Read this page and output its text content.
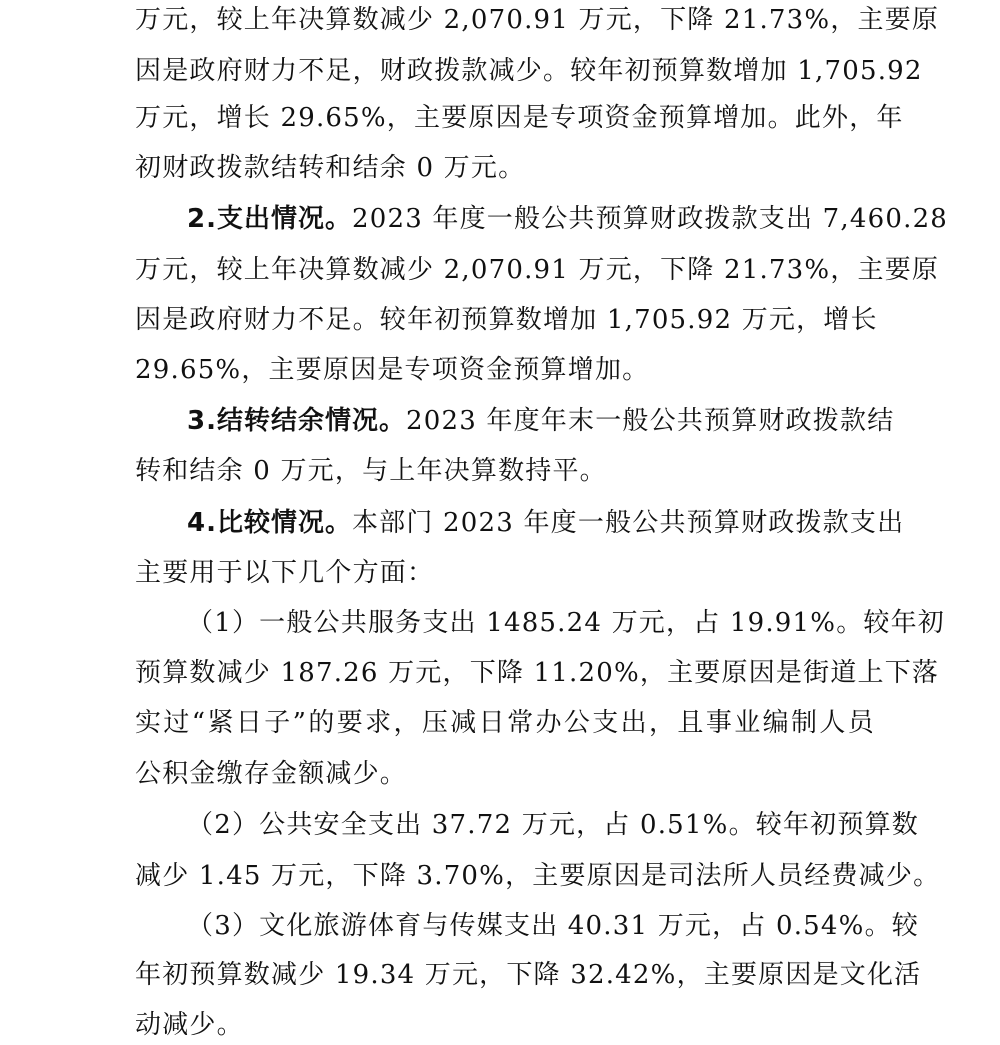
万元，较上年决算数减少 2,070.91 万元，下降 21.73%，主要原
因是政府财力不足，财政拨款减少。较年初预算数增加 1,705.92
万元，增长 29.65%，主要原因是专项资金预算增加。此外，年
初财政拨款结转和结余 0 万元。
2.支出情况。2023 年度一般公共预算财政拨款支出 7,460.28
万元，较上年决算数减少 2,070.91 万元，下降 21.73%，主要原
因是政府财力不足。较年初预算数增加 1,705.92 万元，增长
29.65%，主要原因是专项资金预算增加。
3.结转结余情况。2023 年度年末一般公共预算财政拨款结
转和结余 0 万元，与上年决算数持平。
4.比较情况。本部门 2023 年度一般公共预算财政拨款支出
主要用于以下几个方面：
（1）一般公共服务支出 1485.24 万元，占 19.91%。较年初
预算数减少 187.26 万元，下降 11.20%，主要原因是街道上下落
实过“紧日子”的要求，压减日常办公支出，且事业编制人员
公积金缴存金额减少。
（2）公共安全支出 37.72 万元，占 0.51%。较年初预算数
减少 1.45 万元，下降 3.70%，主要原因是司法所人员经费减少。
（3）文化旅游体育与传媒支出 40.31 万元，占 0.54%。较
年初预算数减少 19.34 万元，下降 32.42%，主要原因是文化活
动减少。
